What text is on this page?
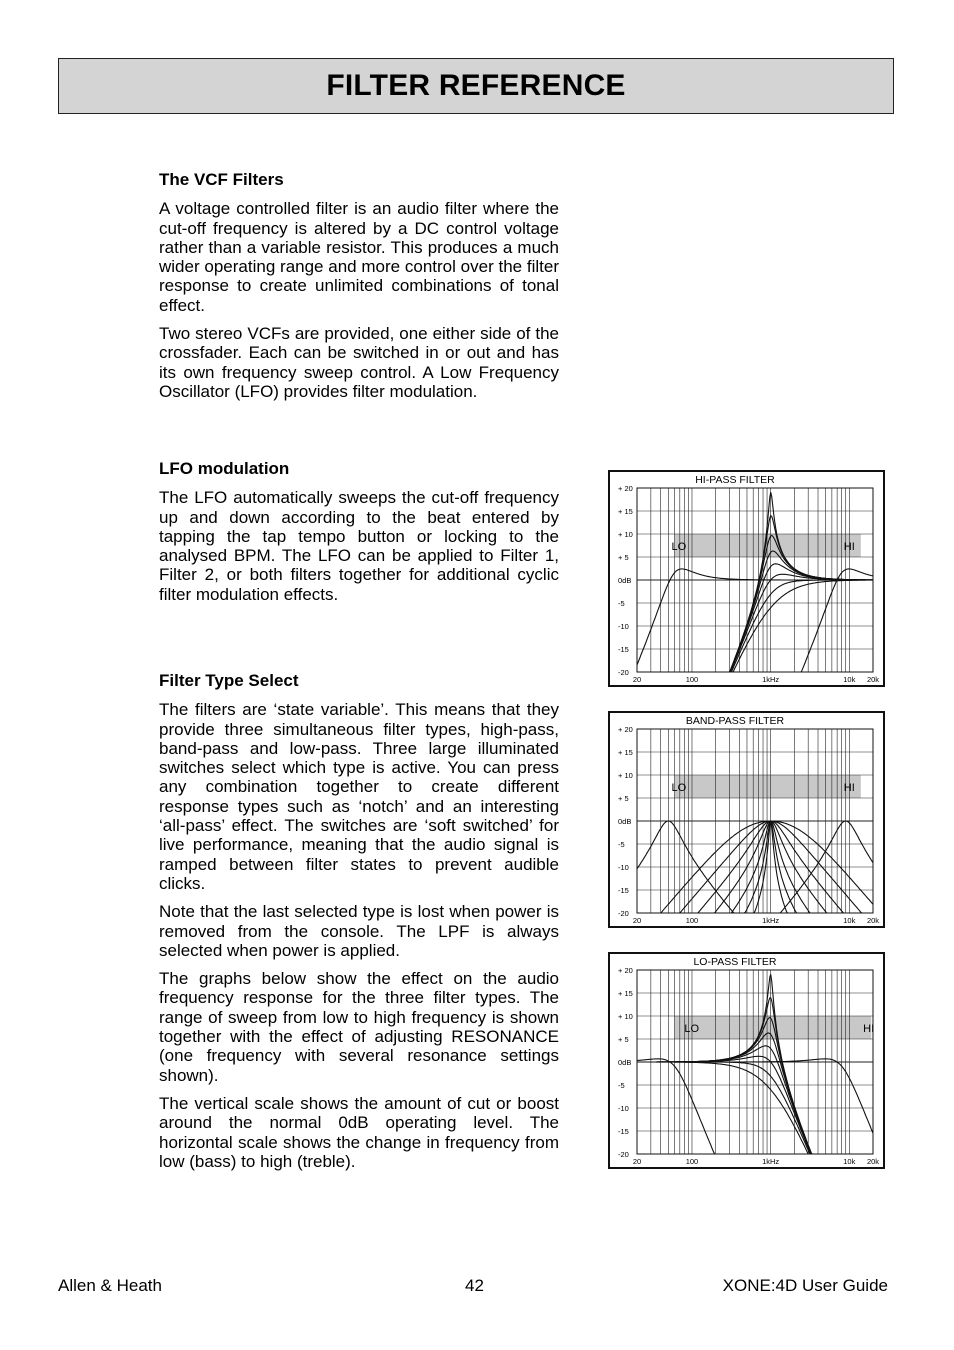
FILTER REFERENCE
The VCF Filters

A voltage controlled filter is an audio filter where the cut-off frequency is altered by a DC control voltage rather than a variable resistor. This produces a much wider operating range and more control over the filter response to create unlimited combinations of tonal effect.

Two stereo VCFs are provided, one either side of the crossfader. Each can be switched in or out and has its own frequency sweep control. A Low Frequency Oscillator (LFO) provides filter modulation.

LFO modulation

The LFO automatically sweeps the cut-off frequency up and down according to the beat entered by tapping the tap tempo button or locking to the analysed BPM. The LFO can be applied to Filter 1, Filter 2, or both filters together for additional cyclic filter modulation effects.

Filter Type Select

The filters are ‘state variable’. This means that they provide three simultaneous filter types, high-pass, band-pass and low-pass. Three large illuminated switches select which type is active. You can press any combination together to create different response types such as ‘notch’ and an interesting ‘all-pass’ effect. The switches are ‘soft switched’ for live performance, meaning that the audio signal is ramped between filter states to prevent audible clicks.

Note that the last selected type is lost when power is removed from the console. The LPF is always selected when power is applied.

The graphs below show the effect on the audio frequency response for the three filter types. The range of sweep from low to high frequency is shown together with the effect of adjusting RESONANCE (one frequency with several resonance settings shown).

The vertical scale shows the amount of cut or boost around the normal 0dB operating level. The horizontal scale shows the change in frequency from low (bass) to high (treble).

HI-PASS FILTER
+ 20
+ 15
+ 10
+ 5
0dB
-5
-10
-15
-20
20	100	1kHz	10k 20k
LO	HI
BAND-PASS FILTER
+ 20
+ 15
+ 10
+ 5
0dB
-5
-10
-15
-20
20	100	1kHz	10k 20k
LO	HI
LO-PASS FILTER
+ 20
+ 15
+ 10
+ 5
0dB
-5
-10
-15
-20
20	100	1kHz	10k 20k
LO	HI
Allen & Heath	42	XONE:4D User Guide
